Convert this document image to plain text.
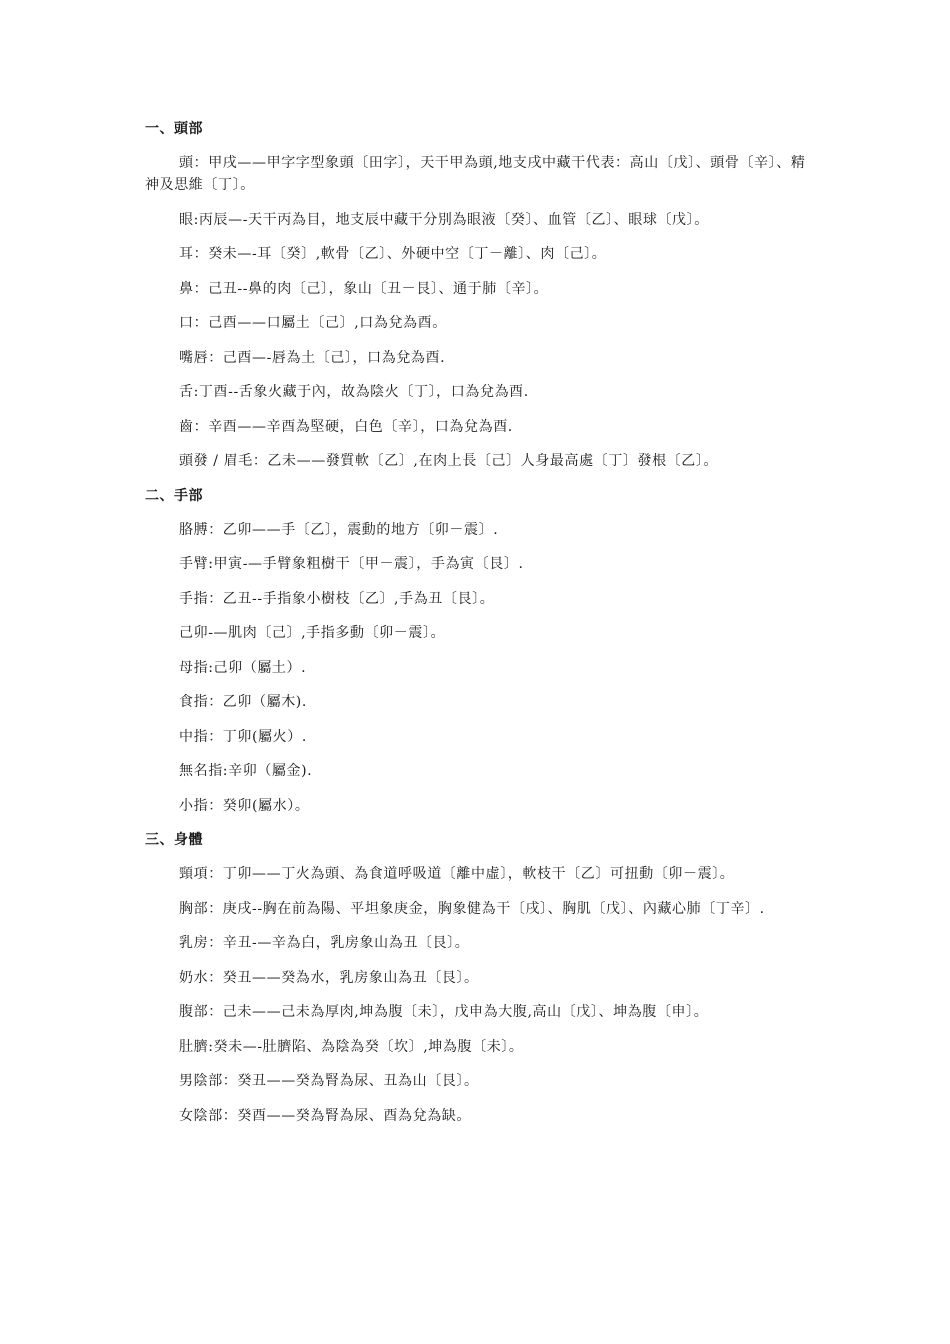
一、頭部

頭：甲戌——甲字字型象頭〔田字〕，天干甲為頭,地支戌中藏干代表：高山〔戊〕、頭骨〔辛〕、精神及思維〔丁〕。

眼:丙辰—-天干丙為目，地支辰中藏干分別為眼液〔癸〕、血管〔乙〕、眼球〔戊〕。

耳：癸未—-耳〔癸〕,軟骨〔乙〕、外硬中空〔丁－離〕、肉〔己〕。

鼻：己丑--鼻的肉〔己〕，象山〔丑－艮〕、通于肺〔辛〕。

口：己酉——口屬土〔己〕,口為兌為酉。

嘴唇：己酉—-唇為土〔己〕，口為兌為酉.

舌:丁酉--舌象火藏于內，故為陰火〔丁〕，口為兌為酉.

齒：辛酉——辛酉為堅硬，白色〔辛〕，口為兌為酉.

頭發 / 眉毛：乙未——發質軟〔乙〕,在肉上長〔己〕人身最高處〔丁〕發根〔乙〕。

二、手部

胳膊：乙卯——手〔乙〕，震動的地方〔卯－震〕.

手臂:甲寅-—手臂象粗樹干〔甲－震〕，手為寅〔艮〕.

手指：乙丑--手指象小樹枝〔乙〕,手為丑〔艮〕。

己卯-—肌肉〔己〕,手指多動〔卯－震〕。

母指:己卯（屬土）.

食指：乙卯（屬木).

中指：丁卯(屬火）.

無名指:辛卯（屬金).

小指：癸卯(屬水）。

三、身體

頸項：丁卯——丁火為頭、為食道呼吸道〔離中虛〕，軟枝干〔乙〕可扭動〔卯－震〕。

胸部：庚戌--胸在前為陽、平坦象庚金，胸象健為干〔戌〕、胸肌〔戊〕、內藏心肺〔丁辛〕.

乳房：辛丑-—辛為白，乳房象山為丑〔艮〕。

奶水：癸丑——癸為水，乳房象山為丑〔艮〕。

腹部：己未——己未為厚肉,坤為腹〔未〕，戊申為大腹,高山〔戊〕、坤為腹〔申〕。

肚臍:癸未—-肚臍陷、為陰為癸〔坎〕,坤為腹〔未〕。

男陰部：癸丑——癸為腎為尿、丑為山〔艮〕。

女陰部：癸酉——癸為腎為尿、酉為兌為缺。
